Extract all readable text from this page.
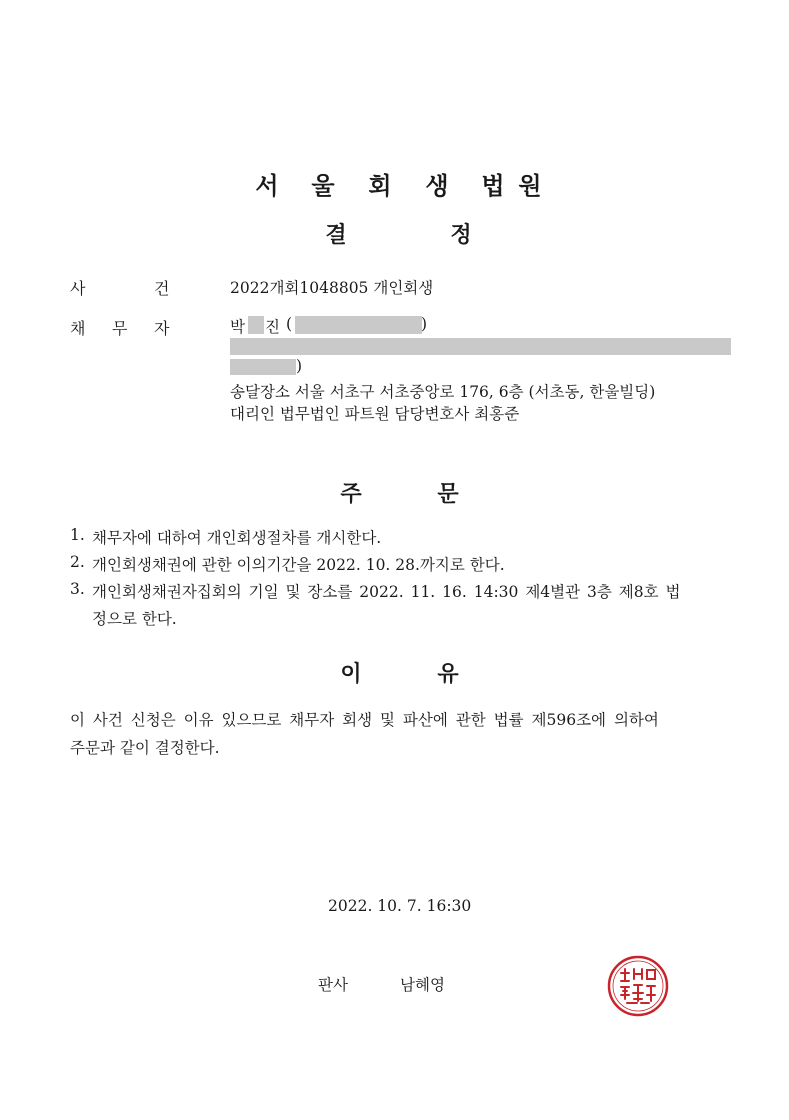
서 울 회 생 법 원
결	정
사	건	2022개회1048805 개인회생
채 무 자	박 진 (	)
)
송달장소 서울 서초구 서초중앙로 176, 6층 (서초동, 한울빌딩)
대리인 법무법인 파트원 담당변호사 최홍준
주	문
1. 채무자에 대하여 개인회생절차를 개시한다.
2. 개인회생채권에 관한 이의기간을 2022. 10. 28.까지로 한다.
3. 개인회생채권자집회의 기일 및 장소를 2022. 11. 16. 14:30 제4별관 3층 제8호 법
정으로 한다.
이	유
이 사건 신청은 이유 있으므로 채무자 회생 및 파산에 관한 법률 제596조에 의하여
주문과 같이 결정한다.
2022. 10. 7. 16:30
판사	남혜영
